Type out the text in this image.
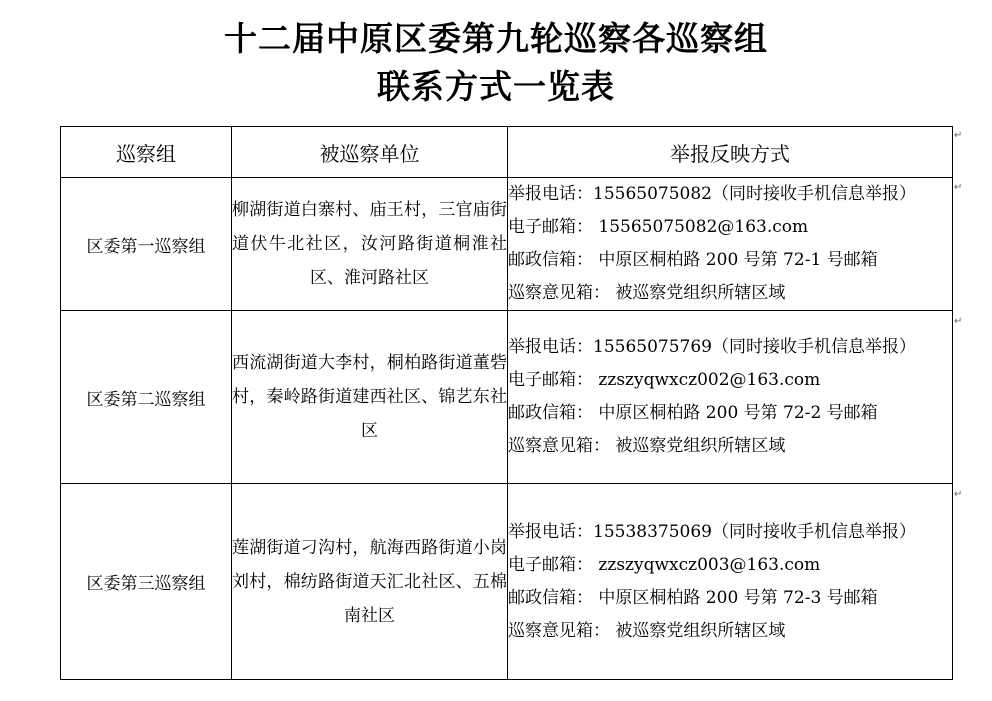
十二届中原区委第九轮巡察各巡察组
联系方式一览表
巡察组	被巡察单位	举报反映方式
区委第一巡察组	柳湖街道白寨村、庙王村，三官庙街道伏牛北社区，汝河路街道桐淮社区、淮河路社区	举报电话：15565075082（同时接收手机信息举报）
电子邮箱： 15565075082@163.com
邮政信箱： 中原区桐柏路 200 号第 72-1 号邮箱
巡察意见箱： 被巡察党组织所辖区域

区委第二巡察组	西流湖街道大李村，桐柏路街道董砦村，秦岭路街道建西社区、锦艺东社区	举报电话：15565075769（同时接收手机信息举报）
电子邮箱： zzszyqwxcz002@163.com
邮政信箱： 中原区桐柏路 200 号第 72-2 号邮箱
巡察意见箱： 被巡察党组织所辖区域

区委第三巡察组	莲湖街道刁沟村，航海西路街道小岗刘村，棉纺路街道天汇北社区、五棉南社区	举报电话：15538375069（同时接收手机信息举报）
电子邮箱： zzszyqwxcz003@163.com
邮政信箱： 中原区桐柏路 200 号第 72-3 号邮箱
巡察意见箱： 被巡察党组织所辖区域
↵
↵
↵
↵
